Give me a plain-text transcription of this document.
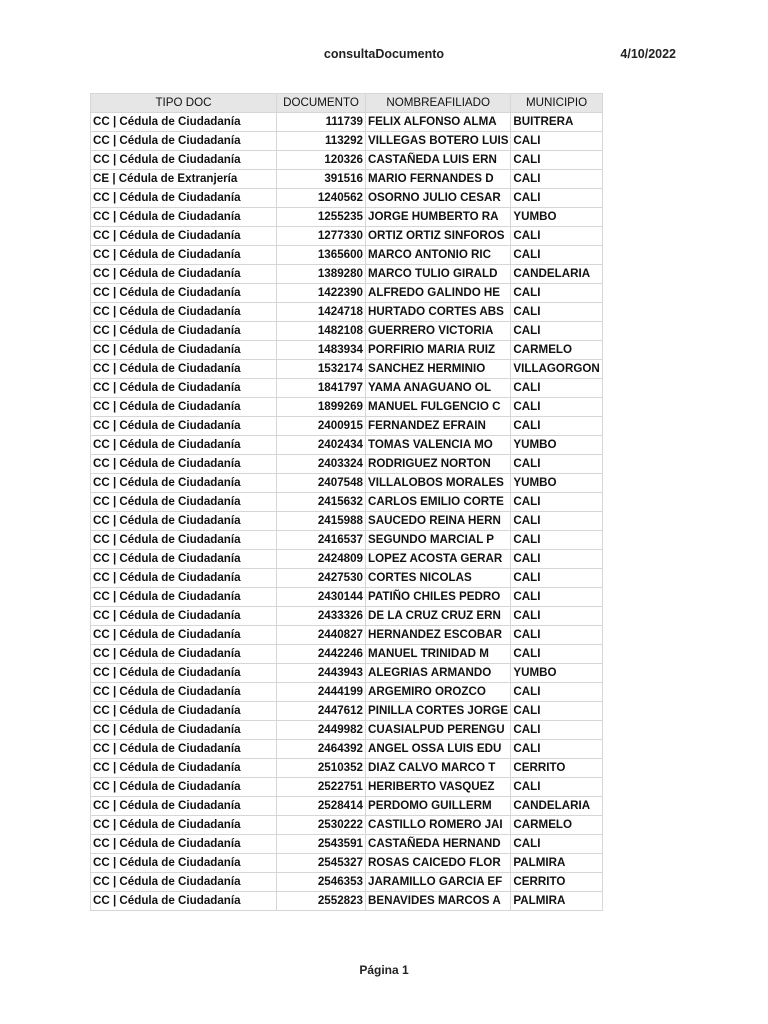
consultaDocumento	4/10/2022
TIPO DOC	DOCUMENTO	NOMBREAFILIADO	MUNICIPIO
CC | Cédula de Ciudadanía	111739	FELIX ALFONSO ALMA	BUITRERA
CC | Cédula de Ciudadanía	113292	VILLEGAS BOTERO LUIS	CALI
CC | Cédula de Ciudadanía	120326	CASTAÑEDA LUIS ERN	CALI
CE | Cédula de Extranjería	391516	MARIO FERNANDES D	CALI
CC | Cédula de Ciudadanía	1240562	OSORNO JULIO CESAR	CALI
CC | Cédula de Ciudadanía	1255235	JORGE HUMBERTO RA	YUMBO
CC | Cédula de Ciudadanía	1277330	ORTIZ ORTIZ SINFOROS	CALI
CC | Cédula de Ciudadanía	1365600	MARCO ANTONIO RIC	CALI
CC | Cédula de Ciudadanía	1389280	MARCO TULIO GIRALD	CANDELARIA
CC | Cédula de Ciudadanía	1422390	ALFREDO GALINDO HE	CALI
CC | Cédula de Ciudadanía	1424718	HURTADO CORTES ABS	CALI
CC | Cédula de Ciudadanía	1482108	GUERRERO VICTORIA	CALI
CC | Cédula de Ciudadanía	1483934	PORFIRIO MARIA RUIZ	CARMELO
CC | Cédula de Ciudadanía	1532174	SANCHEZ HERMINIO	VILLAGORGON
CC | Cédula de Ciudadanía	1841797	YAMA ANAGUANO OL	CALI
CC | Cédula de Ciudadanía	1899269	MANUEL FULGENCIO C	CALI
CC | Cédula de Ciudadanía	2400915	FERNANDEZ EFRAIN	CALI
CC | Cédula de Ciudadanía	2402434	TOMAS VALENCIA MO	YUMBO
CC | Cédula de Ciudadanía	2403324	RODRIGUEZ NORTON	CALI
CC | Cédula de Ciudadanía	2407548	VILLALOBOS MORALES	YUMBO
CC | Cédula de Ciudadanía	2415632	CARLOS EMILIO CORTE	CALI
CC | Cédula de Ciudadanía	2415988	SAUCEDO REINA HERN	CALI
CC | Cédula de Ciudadanía	2416537	SEGUNDO MARCIAL P	CALI
CC | Cédula de Ciudadanía	2424809	LOPEZ ACOSTA GERAR	CALI
CC | Cédula de Ciudadanía	2427530	CORTES NICOLAS	CALI
CC | Cédula de Ciudadanía	2430144	PATIÑO CHILES PEDRO	CALI
CC | Cédula de Ciudadanía	2433326	DE LA CRUZ CRUZ ERN	CALI
CC | Cédula de Ciudadanía	2440827	HERNANDEZ ESCOBAR	CALI
CC | Cédula de Ciudadanía	2442246	MANUEL TRINIDAD M	CALI
CC | Cédula de Ciudadanía	2443943	ALEGRIAS ARMANDO	YUMBO
CC | Cédula de Ciudadanía	2444199	ARGEMIRO OROZCO	CALI
CC | Cédula de Ciudadanía	2447612	PINILLA CORTES JORGE	CALI
CC | Cédula de Ciudadanía	2449982	CUASIALPUD PERENGU	CALI
CC | Cédula de Ciudadanía	2464392	ANGEL OSSA LUIS EDU	CALI
CC | Cédula de Ciudadanía	2510352	DIAZ CALVO MARCO T	CERRITO
CC | Cédula de Ciudadanía	2522751	HERIBERTO VASQUEZ	CALI
CC | Cédula de Ciudadanía	2528414	PERDOMO GUILLERM	CANDELARIA
CC | Cédula de Ciudadanía	2530222	CASTILLO ROMERO JAI	CARMELO
CC | Cédula de Ciudadanía	2543591	CASTAÑEDA HERNAND	CALI
CC | Cédula de Ciudadanía	2545327	ROSAS CAICEDO FLOR	PALMIRA
CC | Cédula de Ciudadanía	2546353	JARAMILLO GARCIA EF	CERRITO
CC | Cédula de Ciudadanía	2552823	BENAVIDES MARCOS A	PALMIRA
Página 1
